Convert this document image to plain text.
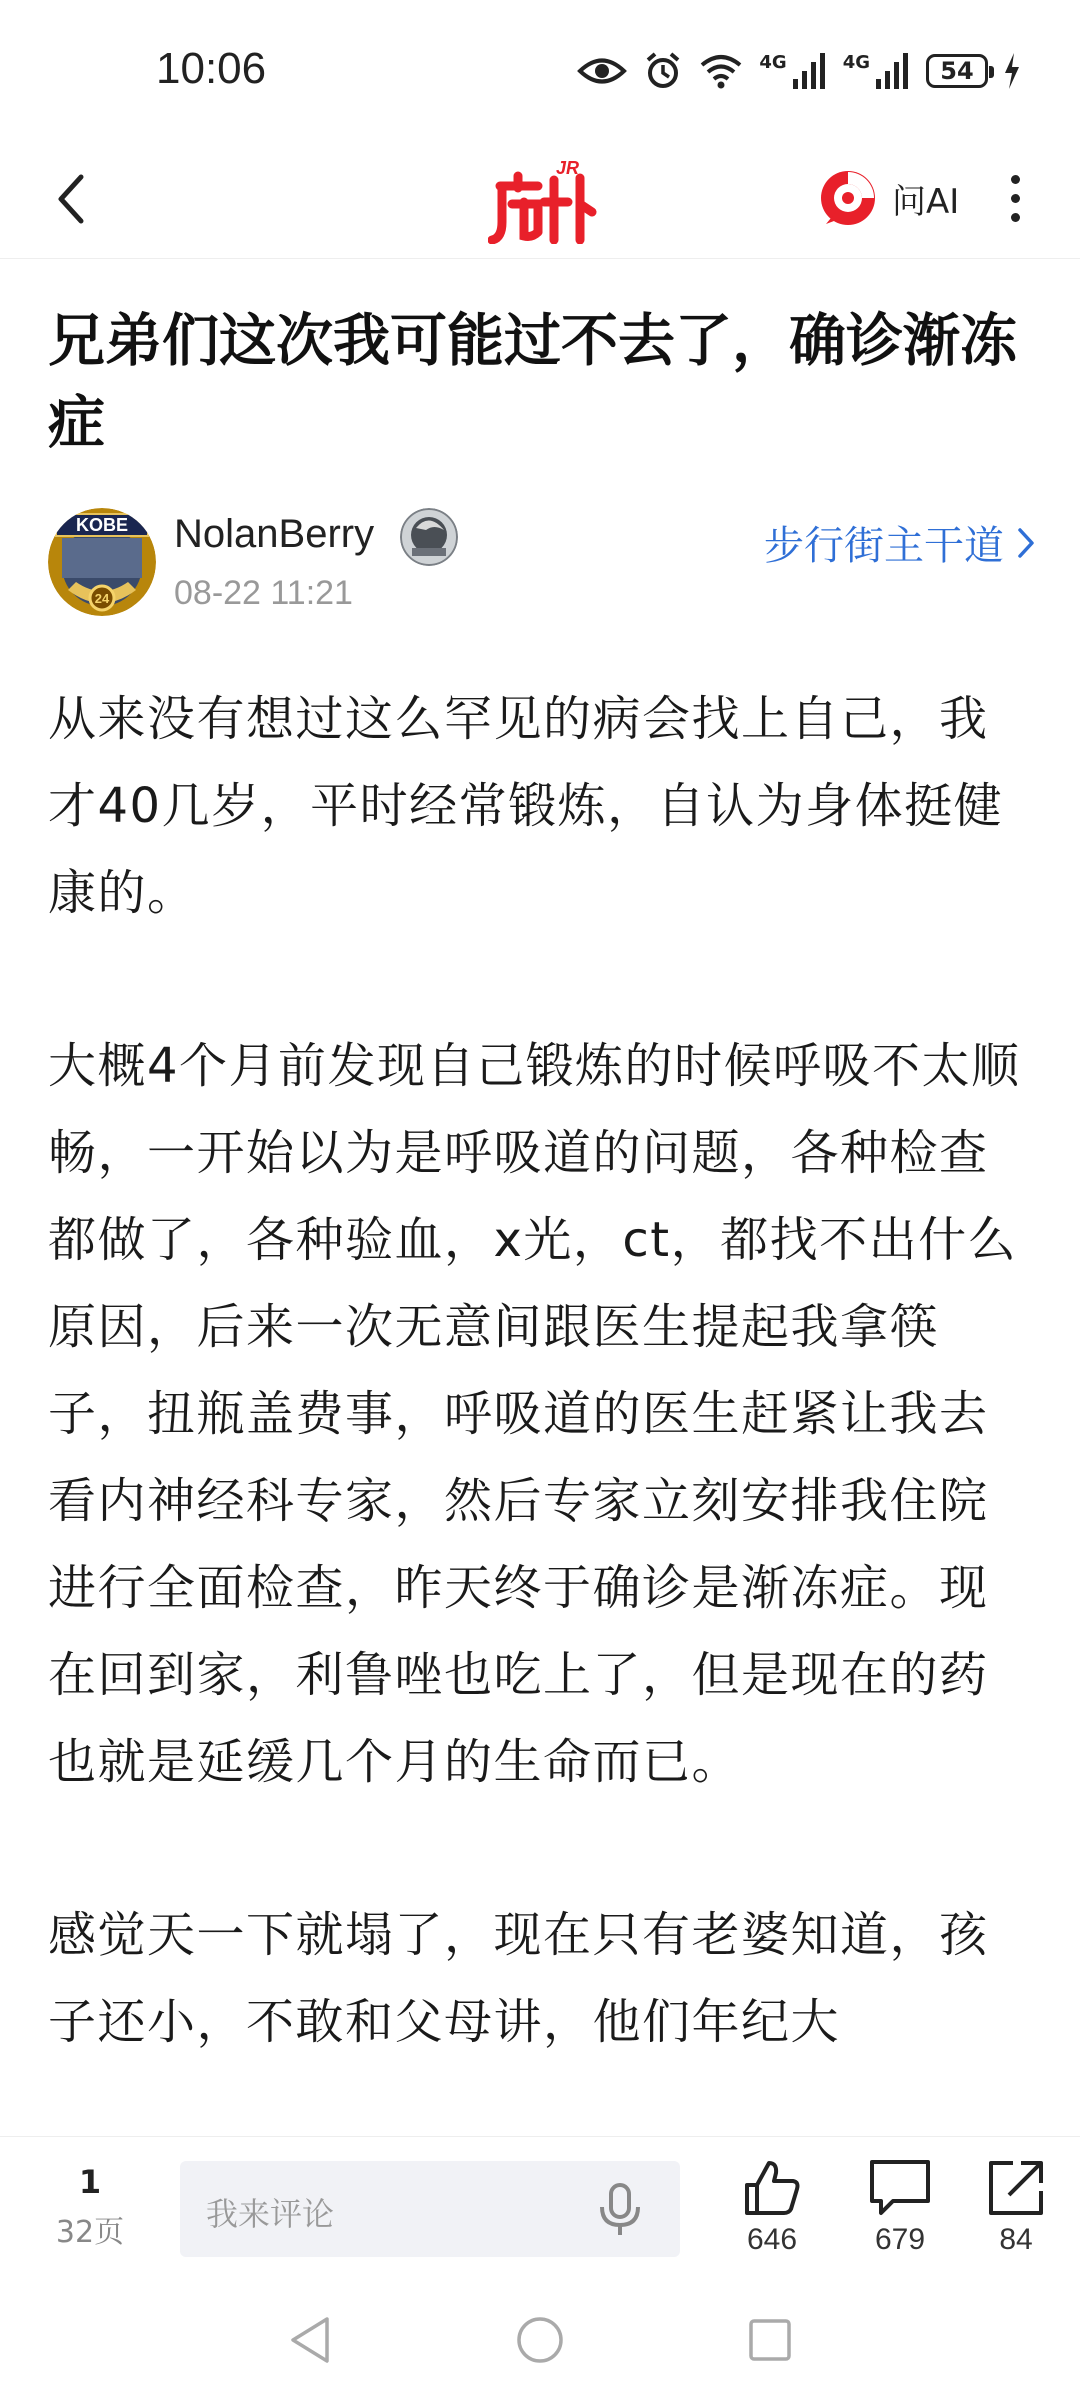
10:06	4G	4G	54
JR
问AI
兄弟们这次我可能过不去了，确诊渐冻症
KOBE
24
NolanBerry
08-22 11:21
步行街主干道

从来没有想过这么罕见的病会找上自己，我才40几岁，平时经常锻炼，自认为身体挺健康的。

大概4个月前发现自己锻炼的时候呼吸不太顺畅，一开始以为是呼吸道的问题，各种检查都做了，各种验血，x光，ct，都找不出什么原因，后来一次无意间跟医生提起我拿筷子，扭瓶盖费事，呼吸道的医生赶紧让我去看内神经科专家，然后专家立刻安排我住院进行全面检查，昨天终于确诊是渐冻症。现在回到家，利鲁唑也吃上了，但是现在的药也就是延缓几个月的生命而已。

感觉天一下就塌了，现在只有老婆知道，孩子还小，不敢和父母讲，他们年纪大

1
32页	我来评论
646	679	84
